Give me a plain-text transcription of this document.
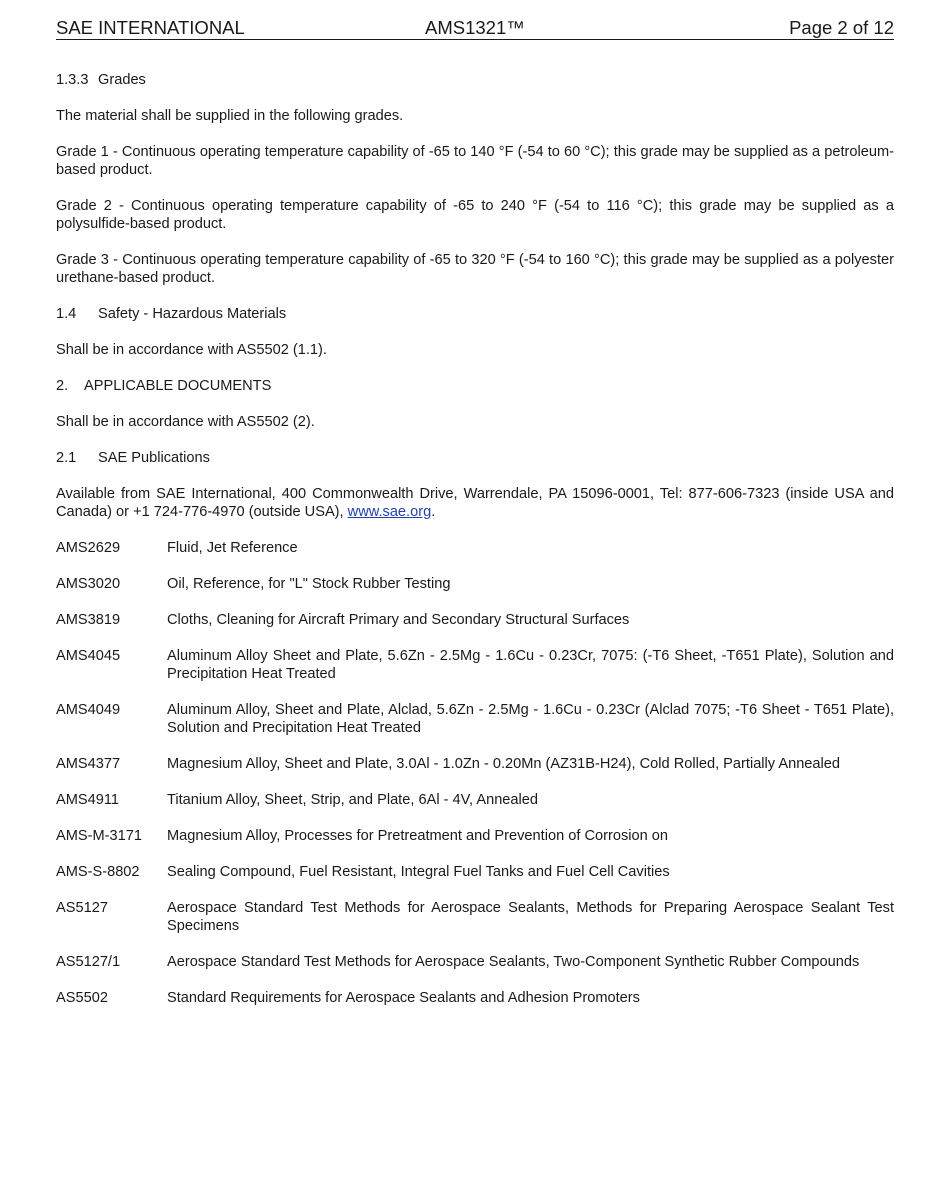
SAE INTERNATIONAL	AMS1321™	Page 2 of 12
1.3.3 Grades
The material shall be supplied in the following grades.
Grade 1 - Continuous operating temperature capability of -65 to 140 °F (-54 to 60 °C); this grade may be supplied as a petroleum-based product.
Grade 2 - Continuous operating temperature capability of -65 to 240 °F (-54 to 116 °C); this grade may be supplied as a polysulfide-based product.
Grade 3 - Continuous operating temperature capability of -65 to 320 °F (-54 to 160 °C); this grade may be supplied as a polyester urethane-based product.
1.4 Safety - Hazardous Materials
Shall be in accordance with AS5502 (1.1).
2. APPLICABLE DOCUMENTS
Shall be in accordance with AS5502 (2).
2.1 SAE Publications
Available from SAE International, 400 Commonwealth Drive, Warrendale, PA 15096-0001, Tel: 877-606-7323 (inside USA and Canada) or +1 724-776-4970 (outside USA), www.sae.org.
AMS2629	Fluid, Jet Reference
AMS3020	Oil, Reference, for "L" Stock Rubber Testing
AMS3819	Cloths, Cleaning for Aircraft Primary and Secondary Structural Surfaces
AMS4045	Aluminum Alloy Sheet and Plate, 5.6Zn - 2.5Mg - 1.6Cu - 0.23Cr, 7075: (-T6 Sheet, -T651 Plate), Solution and Precipitation Heat Treated
AMS4049	Aluminum Alloy, Sheet and Plate, Alclad, 5.6Zn - 2.5Mg - 1.6Cu - 0.23Cr (Alclad 7075; -T6 Sheet - T651 Plate), Solution and Precipitation Heat Treated
AMS4377	Magnesium Alloy, Sheet and Plate, 3.0Al - 1.0Zn - 0.20Mn (AZ31B-H24), Cold Rolled, Partially Annealed
AMS4911	Titanium Alloy, Sheet, Strip, and Plate, 6Al - 4V, Annealed
AMS-M-3171	Magnesium Alloy, Processes for Pretreatment and Prevention of Corrosion on
AMS-S-8802	Sealing Compound, Fuel Resistant, Integral Fuel Tanks and Fuel Cell Cavities
AS5127	Aerospace Standard Test Methods for Aerospace Sealants, Methods for Preparing Aerospace Sealant Test Specimens
AS5127/1	Aerospace Standard Test Methods for Aerospace Sealants, Two-Component Synthetic Rubber Compounds
AS5502	Standard Requirements for Aerospace Sealants and Adhesion Promoters
